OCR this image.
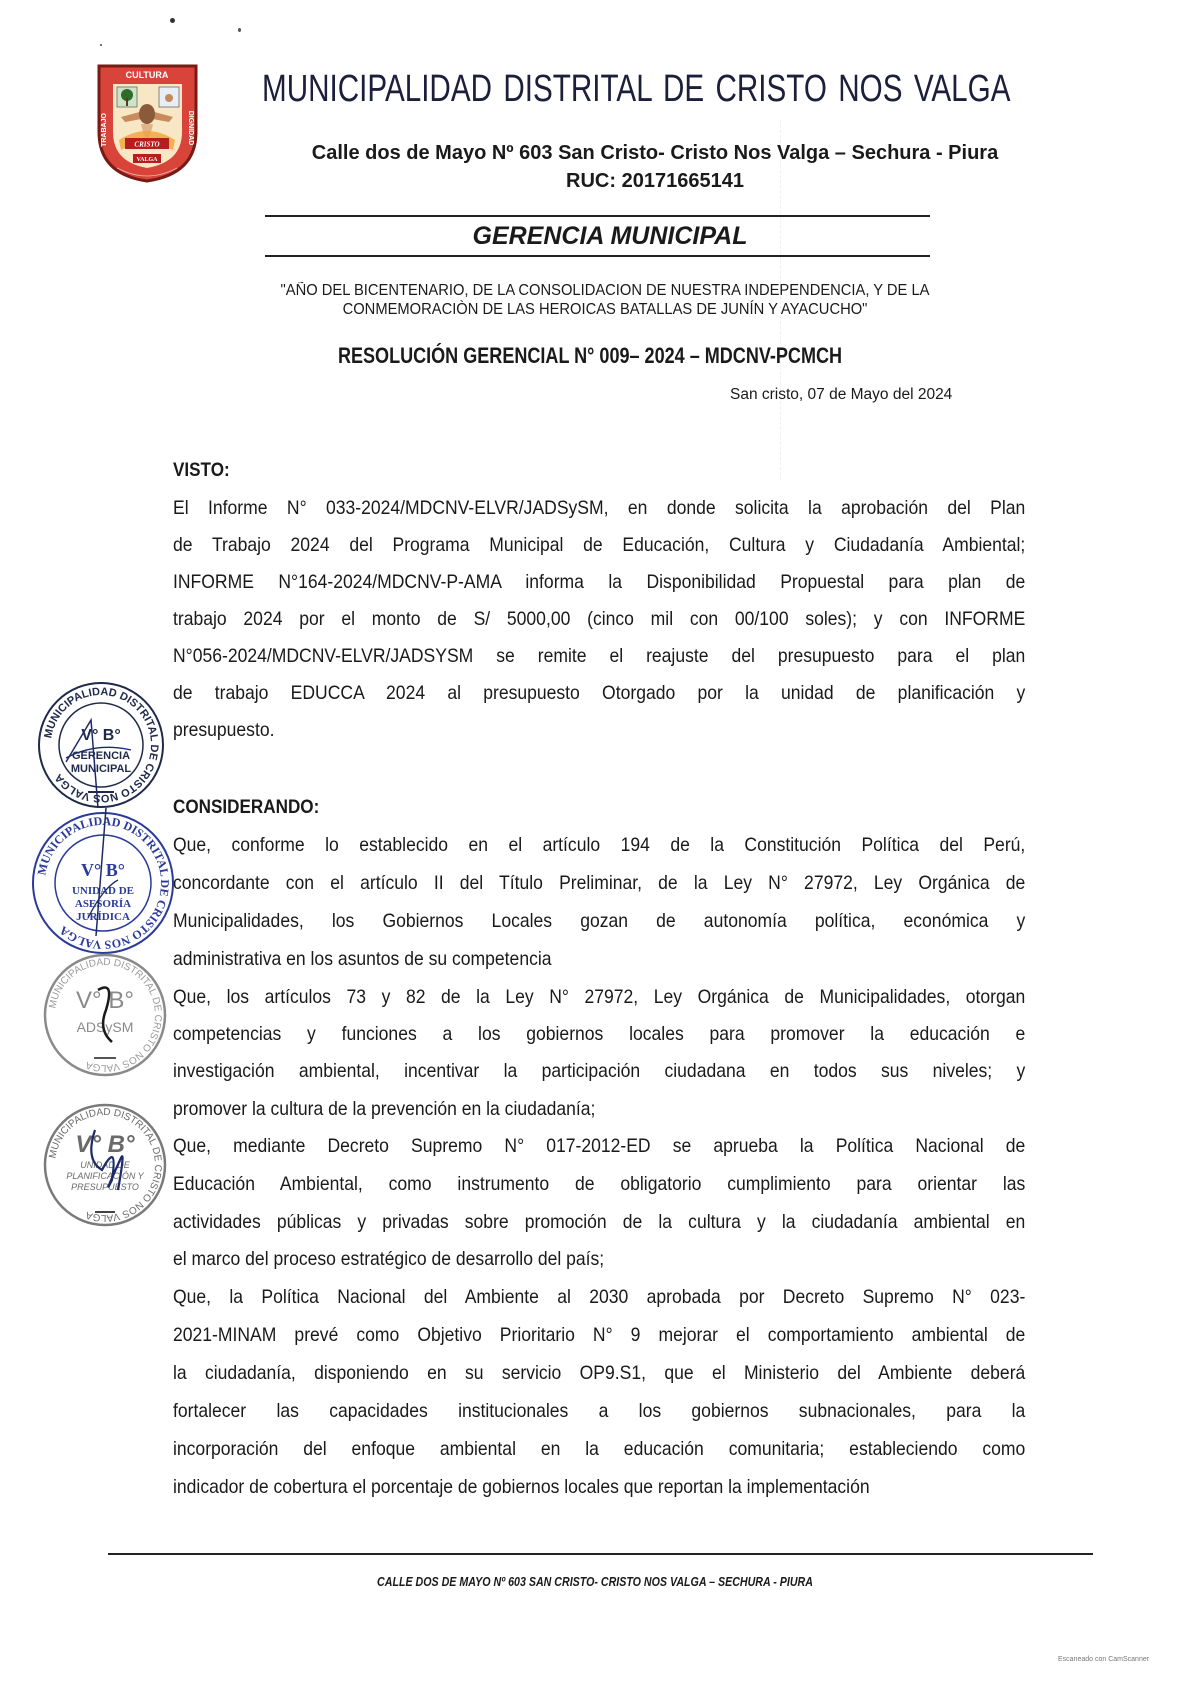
CRISTO
VALGA
CULTURA
TRABAJO	DIGNIDAD
MUNICIPALIDAD DISTRITAL DE CRISTO NOS VALGA
Calle dos de Mayo Nº 603 San Cristo- Cristo Nos Valga – Sechura - Piura
RUC: 20171665141
GERENCIA MUNICIPAL
"AÑO DEL BICENTENARIO, DE LA CONSOLIDACION DE NUESTRA INDEPENDENCIA, Y DE LA
CONMEMORACIÒN DE LAS HEROICAS BATALLAS DE JUNÍN Y AYACUCHO"
RESOLUCIÓN GERENCIAL N° 009– 2024 – MDCNV-PCMCH
San cristo, 07 de Mayo del 2024
VISTO:
El Informe N° 033-2024/MDCNV-ELVR/JADSySM, en donde solicita la aprobación del Plan
de Trabajo 2024 del Programa Municipal de Educación, Cultura y Ciudadanía Ambiental;
INFORME N°164-2024/MDCNV-P-AMA informa la Disponibilidad Propuestal para plan de
trabajo 2024 por el monto de S/ 5000,00 (cinco mil con 00/100 soles); y con INFORME
N°056-2024/MDCNV-ELVR/JADSYSM se remite el reajuste del presupuesto para el plan
de trabajo EDUCCA 2024 al presupuesto Otorgado por la unidad de planificación y
presupuesto.
CONSIDERANDO:
Que, conforme lo establecido en el artículo 194 de la Constitución Política del Perú,
concordante con el artículo II del Título Preliminar, de la Ley N° 27972, Ley Orgánica de
Municipalidades, los Gobiernos Locales gozan de autonomía política, económica y
administrativa en los asuntos de su competencia
Que, los artículos 73 y 82 de la Ley N° 27972, Ley Orgánica de Municipalidades, otorgan
competencias y funciones a los gobiernos locales para promover la educación e
investigación ambiental, incentivar la participación ciudadana en todos sus niveles; y
promover la cultura de la prevención en la ciudadanía;
Que, mediante Decreto Supremo N° 017-2012-ED se aprueba la Política Nacional de
Educación Ambiental, como instrumento de obligatorio cumplimiento para orientar las
actividades públicas y privadas sobre promoción de la cultura y la ciudadanía ambiental en
el marco del proceso estratégico de desarrollo del país;
Que, la Política Nacional del Ambiente al 2030 aprobada por Decreto Supremo N° 023-
2021-MINAM prevé como Objetivo Prioritario N° 9 mejorar el comportamiento ambiental de
la ciudadanía, disponiendo en su servicio OP9.S1, que el Ministerio del Ambiente deberá
fortalecer las capacidades institucionales a los gobiernos subnacionales, para la
incorporación del enfoque ambiental en la educación comunitaria; estableciendo como
indicador de cobertura el porcentaje de gobiernos locales que reportan la implementación
MUNICIPALIDAD DISTRITAL DE CRISTO NOS VALGA
V° B°
GERENCIA
MUNICIPAL
MUNICIPALIDAD DISTRITAL DE CRISTO NOS VALGA
V° B°
UNIDAD DE
ASESORÍA
JURÍDICA
MUNICIPALIDAD DISTRITAL DE CRISTO NOS VALGA
V° B°
ADSySM
MUNICIPALIDAD DISTRITAL DE CRISTO NOS VALGA
V° B°
UNIDAD DE
PLANIFICACIÓN Y
PRESUPUESTO
CALLE DOS DE MAYO Nº 603 SAN CRISTO- CRISTO NOS VALGA – SECHURA - PIURA
Escaneado con CamScanner
